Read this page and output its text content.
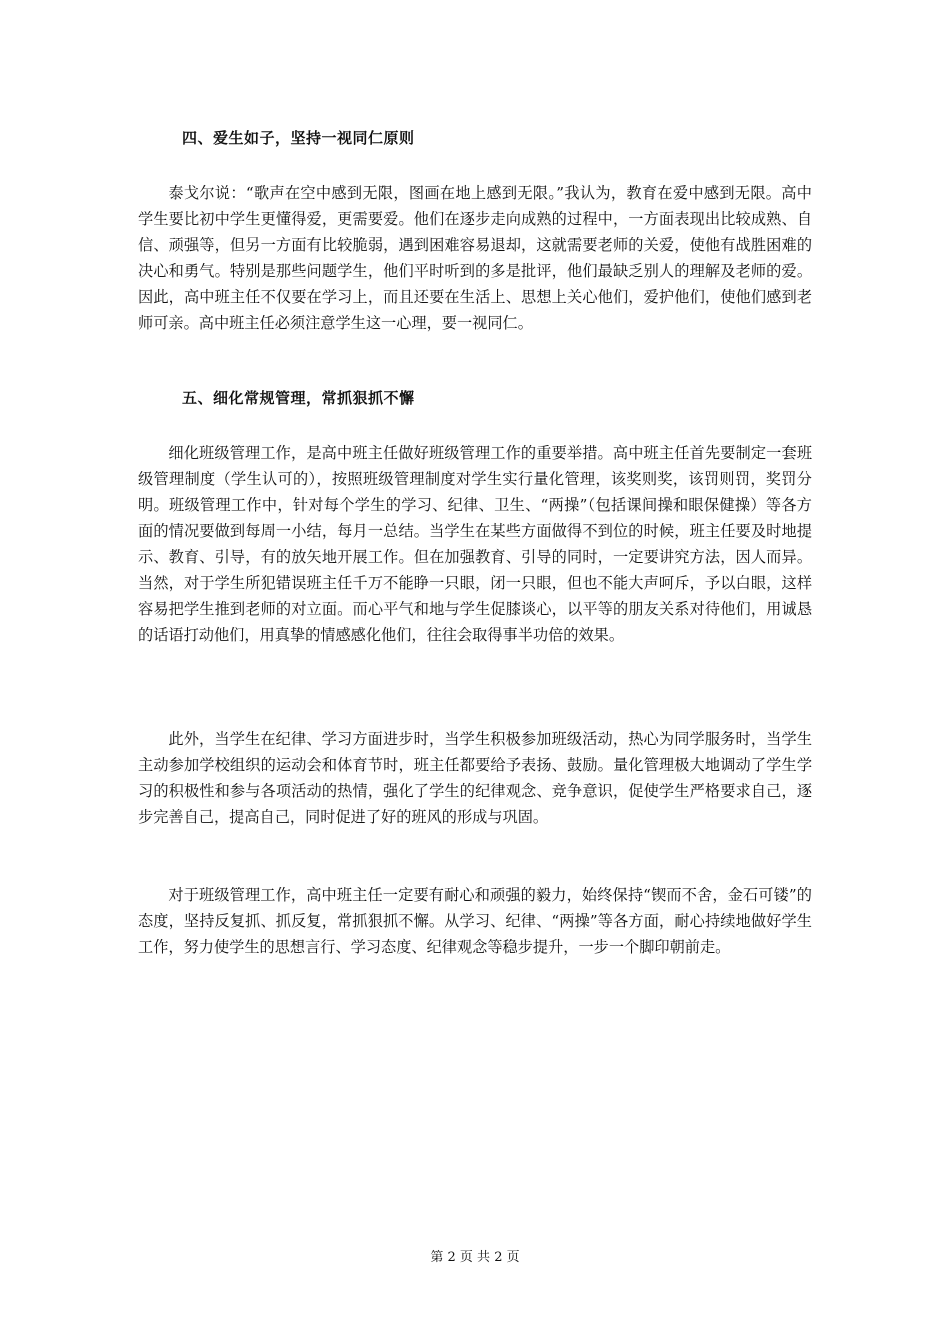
四、爱生如子，坚持一视同仁原则

泰戈尔说：“歌声在空中感到无限，图画在地上感到无限。”我认为，教育在爱中感到无限。高中学生要比初中学生更懂得爱，更需要爱。他们在逐步走向成熟的过程中，一方面表现出比较成熟、自信、顽强等，但另一方面有比较脆弱，遇到困难容易退却，这就需要老师的关爱，使他有战胜困难的决心和勇气。特别是那些问题学生，他们平时听到的多是批评，他们最缺乏别人的理解及老师的爱。因此，高中班主任不仅要在学习上，而且还要在生活上、思想上关心他们，爱护他们，使他们感到老师可亲。高中班主任必须注意学生这一心理，要一视同仁。

五、细化常规管理，常抓狠抓不懈

细化班级管理工作，是高中班主任做好班级管理工作的重要举措。高中班主任首先要制定一套班级管理制度（学生认可的），按照班级管理制度对学生实行量化管理，该奖则奖，该罚则罚，奖罚分明。班级管理工作中，针对每个学生的学习、纪律、卫生、“两操”（包括课间操和眼保健操）等各方面的情况要做到每周一小结，每月一总结。当学生在某些方面做得不到位的时候，班主任要及时地提示、教育、引导，有的放矢地开展工作。但在加强教育、引导的同时，一定要讲究方法，因人而异。当然，对于学生所犯错误班主任千万不能睁一只眼，闭一只眼，但也不能大声呵斥，予以白眼，这样容易把学生推到老师的对立面。而心平气和地与学生促膝谈心，以平等的朋友关系对待他们，用诚恳的话语打动他们，用真挚的情感感化他们，往往会取得事半功倍的效果。

此外，当学生在纪律、学习方面进步时，当学生积极参加班级活动，热心为同学服务时，当学生主动参加学校组织的运动会和体育节时，班主任都要给予表扬、鼓励。量化管理极大地调动了学生学习的积极性和参与各项活动的热情，强化了学生的纪律观念、竞争意识，促使学生严格要求自己，逐步完善自己，提高自己，同时促进了好的班风的形成与巩固。

对于班级管理工作，高中班主任一定要有耐心和顽强的毅力，始终保持“锲而不舍，金石可镂”的态度，坚持反复抓、抓反复，常抓狠抓不懈。从学习、纪律、“两操”等各方面，耐心持续地做好学生工作，努力使学生的思想言行、学习态度、纪律观念等稳步提升，一步一个脚印朝前走。

第 2 页 共 2 页
